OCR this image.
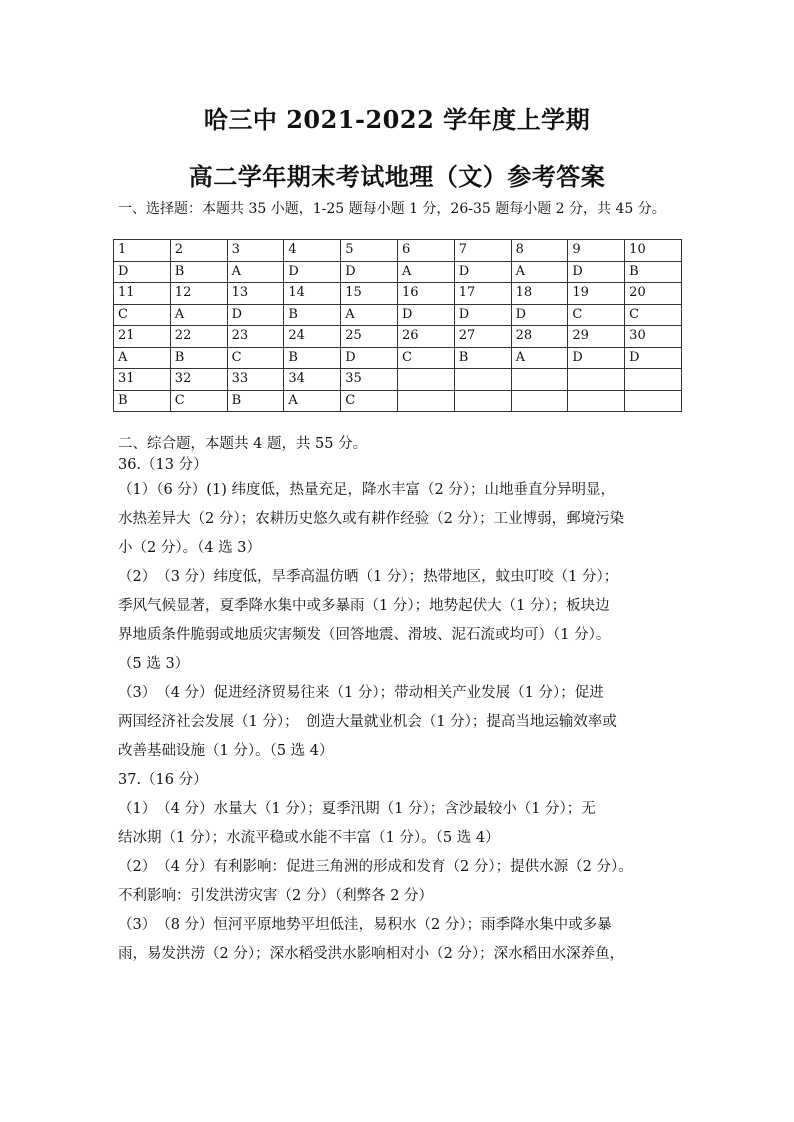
哈三中 2021-2022 学年度上学期
高二学年期末考试地理（文）参考答案
一、选择题：本题共 35 小题，1-25 题每小题 1 分，26-35 题每小题 2 分，共 45 分。
1	2	3	4	5	6	7	8	9	10
D	B	A	D	D	A	D	A	D	B
11	12	13	14	15	16	17	18	19	20
C	A	D	B	A	D	D	D	C	C
21	22	23	24	25	26	27	28	29	30
A	B	C	B	D	C	B	A	D	D
31	32	33	34	35					
B	C	B	A	C					
二、综合题，本题共 4 题，共 55 分。
36.（13 分）
（1）（6 分）(1) 纬度低，热量充足，降水丰富（2 分）；山地垂直分异明显，
水热差异大（2 分）；农耕历史悠久或有耕作经验（2 分）；工业博弱，郵境污染
小（2 分）。（4 选 3）
（2）　（3 分）纬度低，旱季高温仿晒（1 分）；热带地区，蚊虫叮咬（1 分）；
季风气候显著，夏季降水集中或多暴雨（1 分）；地势起伏大（1 分）；板块边
界地质条件脆弱或地质灾害频发（回答地震、滑坡、泥石流或均可）（1 分）。
（5 选 3）
（3）　（4 分）促进经济贸易往来（1 分）；带动相关产业发展（1 分）；促进
两国经济社会发展（1 分）；　创造大量就业机会（1 分）；提高当地运输效率或
改善基础设施（1 分）。（5 选 4）
37.（16 分）
（1）　（4 分）水量大（1 分）；夏季汛期（1 分）；含沙最较小（1 分）；无
结冰期（1 分）；水流平稳或水能不丰富（1 分）。（5 选 4）
（2）　（4 分）有利影响：促进三角洲的形成和发育（2 分）；提供水源（2 分）。
不利影响：引发洪涝灾害（2 分）（利弊各 2 分）
（3）　（8 分）恒河平原地势平坦低洼，易积水（2 分）；雨季降水集中或多暴
雨，易发洪涝（2 分）；深水稻受洪水影响相对小（2 分）；深水稻田水深养鱼，
